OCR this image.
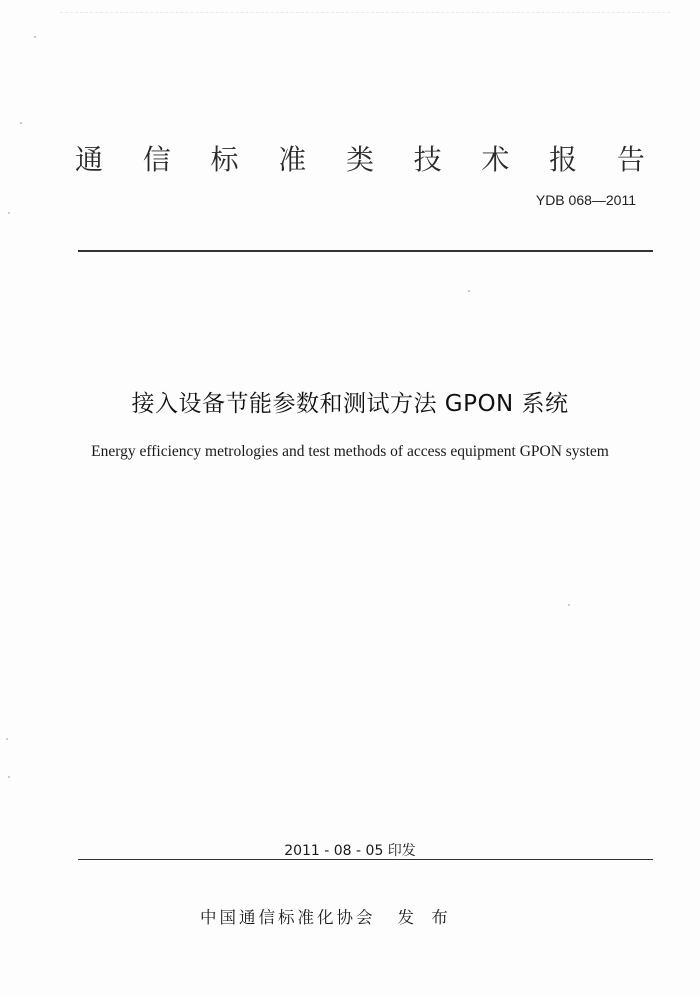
通 信 标 准 类 技 术 报 告
YDB 068—2011
接入设备节能参数和测试方法 GPON 系统
Energy efficiency metrologies and test methods of access equipment GPON system
2011 - 08 - 05 印发
中国通信标准化协会 发 布
